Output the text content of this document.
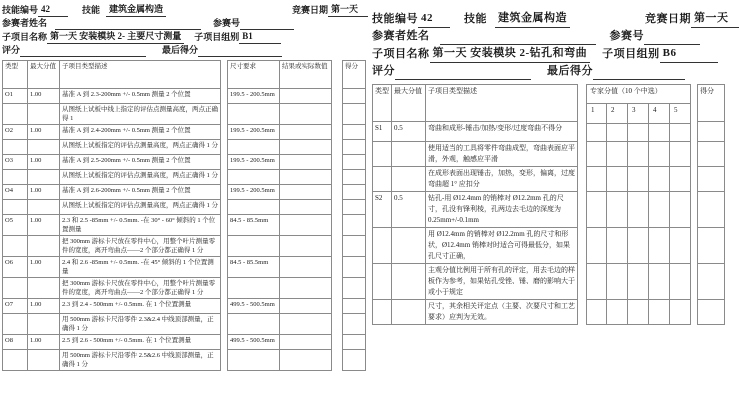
技能编号 42	技能	建筑金属构造	竞赛日期 第一天
参赛者姓名	参赛号
子项目名称 第一天 安装模块 2- 主要尺寸测量	子项目组别 B1
评分	最后得分
类型	最大分值 子项目类型描述	尺寸要求	结果或实际数值	得分
O1	1.00	基准 A 到 2.3-200mm +/- 0.5mm 测量 2 个位置	199.5 - 200.5mm
从图纸上试板中线上指定的评估点测量高度，两点正确得 1
O2	1.00	基准 A 到 2.4-200mm +/- 0.5mm 测量 2 个位置	199.5 - 200.5mm
从图纸上试板指定的评估点测量高度，两点正确得 1 分
O3	1.00	基准 A 到 2.5-200mm +/- 0.5mm 测量 2 个位置	199.5 - 200.5mm
从图纸上试板指定的评估点测量高度，两点正确得 1 分
O4	1.00	基准 A 到 2.6-200mm +/- 0.5mm 测量 2 个位置	199.5 - 200.5mm
从图纸上试板指定的评估点测量高度，两点正确得 1 分
O5	1.00	2.3 和 2.5 -85mm +/- 0.5mm. -在 30° - 60° 倾斜的 1 个位置测量
84.5 - 85.5mm
把 300mm 游标卡尺放在零件中心，用整个叶片测量零件的宽度，离开弯曲点——2 个部分都正确得 1 分
O6	1.00	2.4 和 2.6 -85mm +/- 0.5mm. -在 45° 倾斜的 1 个位置测量
84.5 - 85.5mm
把 300mm 游标卡尺放在零件中心，用整个叶片测量零件的宽度，离开弯曲点——2 个部分都正确得 1 分
O7	1.00	2.3 到 2.4 - 500mm +/- 0.5mm. 在 1 个位置测量	499.5 - 500.5mm
用 500mm 游标卡尺沿零件 2.3&2.4 中线顶部测量，正确得 1 分
O8	1.00	2.5 到 2.6 - 500mm +/- 0.5mm. 在 1 个位置测量	499.5 - 500.5mm
用 500mm 游标卡尺沿零件 2.5&2.6 中线顶部测量，正确得 1 分
技能编号 42	技能 建筑金属构造	竞赛日期 第一天
参赛者姓名	参赛号
子项目名称 第一天 安装模块 2-钻孔和弯曲 子项目组别 B6
评分	最后得分
类型 最大分值 子项目类型描述	专家分值（10 个中选）
1	2	3	4	5
得分
S1	0.5	弯曲和成形-锤击/加热/变形/过度弯曲不得分
使用适当的工具将零件弯曲成型，弯曲表面应平滑，外观，触感应平滑
在成形表面出现锤击，加热，变形，偏离，过度弯曲超 1° 应扣分
S2	0.5	钻孔-用 Ø12.4mm 的销棒对 Ø12.2mm 孔的尺寸，孔没有锋利棱，孔两边去毛边的深度为 0.25mm+/-0.1mm
用 Ø12.4mm 的销棒对 Ø12.2mm 孔的尺寸和形状，Ø12.4mm 销棒对时适合可得最低分，如果孔尺寸正确，
主观分值比例用于所有孔的评定，用去毛边的样板作为参考，如果钻孔受锉、锤、磨的影响大于或小于规定
尺寸，其余相关评定点（主要、次要尺寸和工艺要求）应判为无效。
